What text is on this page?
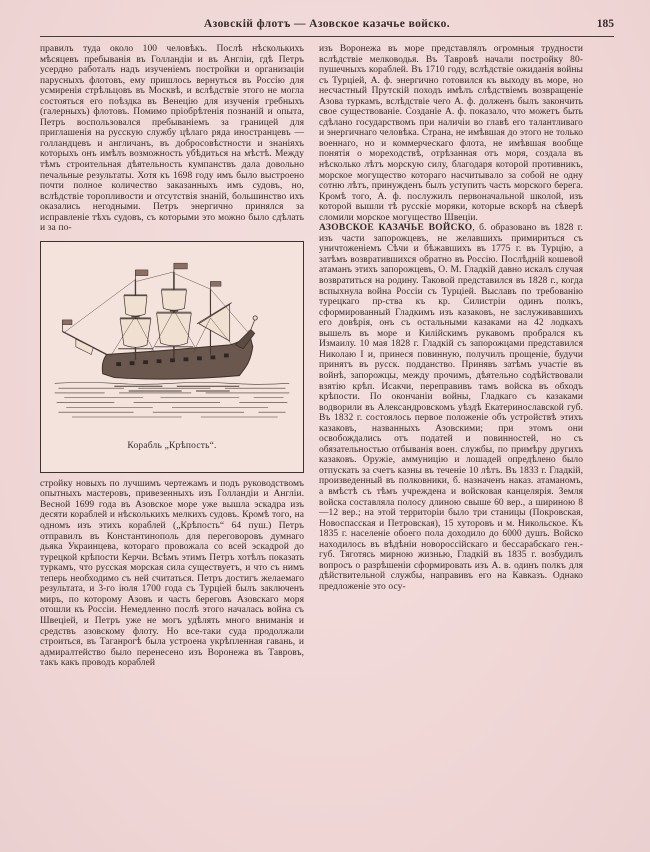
Азовскій флотъ — Азовское казачье войско.	185

правилъ туда около 100 человѣкъ. Послѣ нѣсколькихъ мѣсяцевъ пребыванія въ Голландіи и въ Англіи, гдѣ Петръ усердно работалъ надъ изученіемъ постройки и организаціи парусныхъ флотовъ, ему пришлось вернуться въ Россію для усмиренія стрѣльцовъ въ Москвѣ, и вслѣдствіе этого не могла состояться его поѣздка въ Венецію для изученія гребныхъ (галерныхъ) флотовъ. Помимо пріобрѣтенія познаній и опыта, Петръ воспользовался пребываніемъ за границей для приглашенія на русскую службу цѣлаго ряда иностранцевъ — голландцевъ и англичанъ, въ добросовѣстности и знаніяхъ которыхъ онъ имѣлъ возможность убѣдиться на мѣстѣ. Между тѣмъ строительная дѣятельность кумпанствъ дала довольно печальные результаты. Хотя къ 1698 году имъ было выстроено почти полное количество заказанныхъ имъ судовъ, но, вслѣдствіе торопливости и отсутствія знаній, большинство ихъ оказались негодными. Петръ энергично принялся за исправленіе тѣхъ судовъ, съ которыми это можно было сдѣлать и за по-

Корабль „Крѣпость“.

стройку новыхъ по лучшимъ чертежамъ и подъ руководствомъ опытныхъ мастеровъ, привезенныхъ изъ Голландіи и Англіи. Весной 1699 года въ Азовское море уже вышла эскадра изъ десяти кораблей и нѣсколькихъ мелкихъ судовъ. Кромѣ того, на одномъ изъ этихъ кораблей („Крѣпость“ 64 пуш.) Петръ отправилъ въ Константинополь для переговоровъ думнаго дьяка Украинцева, котораго провожала со всей эскадрой до турецкой крѣпости Керчи. Всѣмъ этимъ Петръ хотѣлъ показать туркамъ, что русская морская сила существуетъ, и что съ нимъ теперь необходимо съ ней считаться. Петръ достигъ желаемаго результата, и 3-го іюля 1700 года съ Турціей былъ заключенъ миръ, по которому Азовъ и часть береговъ Азовскаго моря отошли къ Россіи. Немедленно послѣ этого началась война съ Швеціей, и Петръ уже не могъ удѣлять много вниманія и средствъ азовскому флоту. Но все-таки суда продолжали строиться, въ Таганрогѣ была устроена укрѣпленная гавань, и адмиралтейство было перенесено изъ Воронежа въ Тавровъ, такъ какъ проводъ кораблей

изъ Воронежа въ море представлялъ огромныя трудности вслѣдствіе мелководья. Въ Тавровѣ начали постройку 80-пушечныхъ кораблей. Въ 1710 году, вслѣдствіе ожиданія войны съ Турціей, А. ф. энергично готовился къ выходу въ море, но несчастный Прутскій походъ имѣлъ слѣдствіемъ возвращеніе Азова туркамъ, вслѣдствіе чего А. ф. долженъ былъ закончить свое существованіе. Созданіе А. ф. показало, что можетъ быть сдѣлано государствомъ при наличіи во главѣ его талантливаго и энергичнаго человѣка. Страна, не имѣвшая до этого не только военнаго, но и коммерческаго флота, не имѣвшая вообще понятія о мореходствѣ, отрѣзанная отъ моря, создала въ нѣсколько лѣтъ морскую силу, благодаря которой противникъ, морское могущество котораго насчитывало за собой не одну сотню лѣтъ, принужденъ былъ уступить часть морского берега. Кромѣ того, А. ф. послужилъ первоначальной школой, изъ которой вышли тѣ русскіе моряки, которые вскорѣ на сѣверѣ сломили морское могущество Швеціи.

АЗОВСКОЕ КАЗАЧЬЕ ВОЙСКО, б. образовано въ 1828 г. изъ части запорожцевъ, не желавшихъ примириться съ уничтоженіемъ Сѣчи и бѣжавшихъ въ 1775 г. въ Турцію, а затѣмъ возвратившихся обратно въ Россію. Послѣдній кошевой атаманъ этихъ запорожцевъ, О. М. Гладкій давно искалъ случая возвратиться на родину. Таковой представился въ 1828 г., когда вспыхнула война Россіи съ Турціей. Выславъ по требованію турецкаго пр-ства къ кр. Силистріи одинъ полкъ, сформированный Гладкимъ изъ казаковъ, не заслуживавшихъ его довѣрія, онъ съ остальными казаками на 42 лодкахъ вышелъ въ море и Килійскимъ рукавомъ пробрался къ Измаилу. 10 мая 1828 г. Гладкій съ запорожцами представился Николаю I и, принеся повинную, получилъ прощеніе, будучи принятъ въ русск. подданство. Принявъ затѣмъ участіе въ войнѣ, запорожцы, между прочимъ, дѣятельно содѣйствовали взятію крѣп. Исакчи, переправивъ тамъ войска въ обходъ крѣпости. По окончаніи войны, Гладкаго съ казаками водворили въ Александровскомъ уѣздѣ Екатеринославской губ. Въ 1832 г. состоялось первое положеніе объ устройствѣ этихъ казаковъ, названныхъ Азовскими; при этомъ они освобождались отъ податей и повинностей, но съ обязательностью отбыванія воен. службы, по примѣру другихъ казаковъ. Оружіе, аммуницію и лошадей опредѣлено было отпускать за счетъ казны въ теченіе 10 лѣтъ. Въ 1833 г. Гладкій, произведенный въ полковники, б. назначенъ наказ. атаманомъ, а вмѣстѣ съ тѣмъ учреждена и войсковая канцелярія. Земля войска составляла полосу длиною свыше 60 вер., а шириною 8—12 вер.; на этой территоріи было три станицы (Покровская, Новоспасская и Петровская), 15 хуторовъ и м. Никольское. Къ 1835 г. населеніе обоего пола доходило до 6000 душъ. Войско находилось въ вѣдѣніи новороссійскаго и бессарабскаго ген.-губ. Тяготясь мирною жизнью, Гладкій въ 1835 г. возбудилъ вопросъ о разрѣшеніи сформировать изъ А. в. одинъ полкъ для дѣйствительной службы, направивъ его на Кавказъ. Однако предложеніе это осу-
